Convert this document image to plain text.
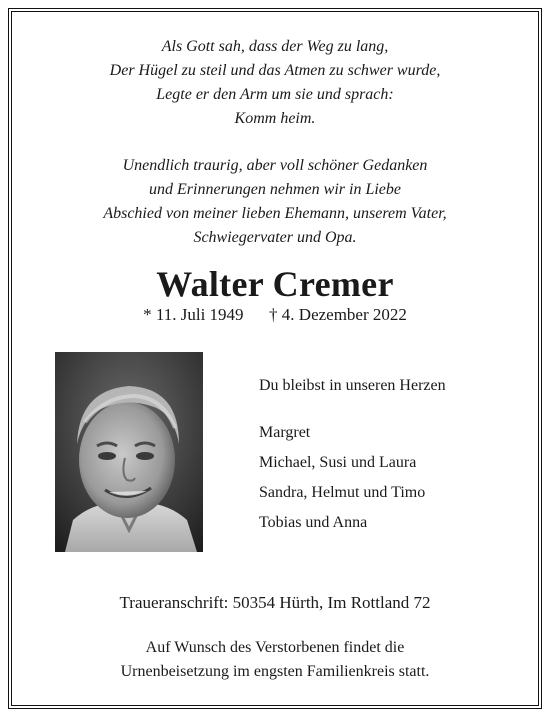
Als Gott sah, dass der Weg zu lang,
Der Hügel zu steil und das Atmen zu schwer wurde,
Legte er den Arm um sie und sprach:
Komm heim.
Unendlich traurig, aber voll schöner Gedanken
und Erinnerungen nehmen wir in Liebe
Abschied von meiner lieben Ehemann, unserem Vater,
Schwiegervater und Opa.
Walter Cremer
* 11. Juli 1949 † 4. Dezember 2022
Du bleibst in unseren Herzen
Margret
Michael, Susi und Laura
Sandra, Helmut und Timo
Tobias und Anna
Traueranschrift: 50354 Hürth, Im Rottland 72
Auf Wunsch des Verstorbenen findet die
Urnenbeisetzung im engsten Familienkreis statt.
